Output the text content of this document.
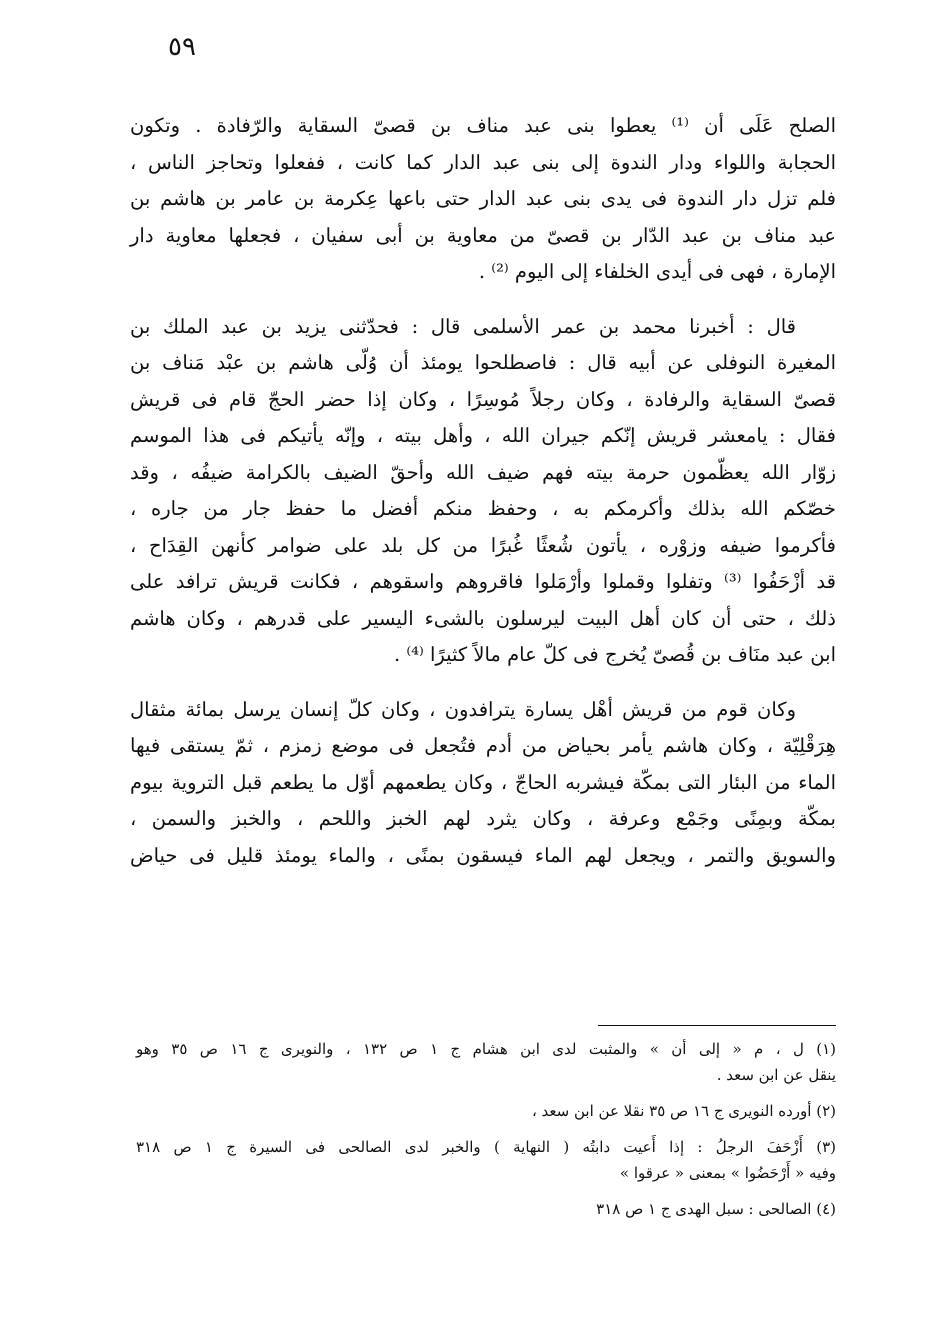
٥٩
الصلح عَلَى أن ⁽¹⁾ يعطوا بنى عبد مناف بن قصىّ السقاية والرّفادة . وتكون
الحجابة واللواء ودار الندوة إلى بنى عبد الدار كما كانت ، ففعلوا وتحاجز الناس ،
فلم تزل دار الندوة فى يدى بنى عبد الدار حتى باعها عِكرمة بن عامر بن هاشم بن
عبد مناف بن عبد الدّار بن قصىّ من معاوية بن أبى سفيان ، فجعلها معاوية دار
الإمارة ، فهى فى أيدى الخلفاء إلى اليوم ⁽²⁾ .
قال : أخبرنا محمد بن عمر الأسلمى قال : فحدّثنى يزيد بن عبد الملك بن
المغيرة النوفلى عن أبيه قال : فاصطلحوا يومئذ أن وُلّى هاشم بن عبْد مَناف بن
قصىّ السقاية والرفادة ، وكان رجلاً مُوسِرًا ، وكان إذا حضر الحجّ قام فى قريش
فقال : يامعشر قريش إنّكم جيران الله ، وأهل بيته ، وإنّه يأتيكم فى هذا الموسم
زوّار الله يعظّمون حرمة بيته فهم ضيف الله وأحقّ الضيف بالكرامة ضيفُه ، وقد
خصّكم الله بذلك وأكرمكم به ، وحفظ منكم أفضل ما حفظ جار من جاره ،
فأكرموا ضيفه وزوْره ، يأتون شُعثًا غُبرًا من كل بلد على ضوامر كأنهن القِدَاح ،
قد أزْحَفُوا ⁽³⁾ وتفلوا وقملوا وأرْمَلوا فاقروهم واسقوهم ، فكانت قريش ترافد على
ذلك ، حتى أن كان أهل البيت ليرسلون بالشىء اليسير على قدرهم ، وكان هاشم
ابن عبد منَاف بن قُصىّ يُخرج فى كلّ عام مالاً كثيرًا ⁽⁴⁾ .
وكان قوم من قريش أهْل يسارة يترافدون ، وكان كلّ إنسان يرسل بمائة مثقال
هِرَقْلِيّة ، وكان هاشم يأمر بحياض من أدم فتُجعل فى موضع زمزم ، ثمّ يستقى فيها
الماء من البئار التى بمكّة فيشربه الحاجّ ، وكان يطعمهم أوّل ما يطعم قبل التروية بيوم
بمكّة وبمِنًى وجَمْع وعرفة ، وكان يثرد لهم الخبز واللحم ، والخبز والسمن ،
والسويق والتمر ، ويجعل لهم الماء فيسقون بمنًى ، والماء يومئذ قليل فى حياض
(١) ل ، م « إلى أن » والمثبت لدى ابن هشام ج ١ ص ١٣٢ ، والنويرى ج ١٦ ص ٣٥ وهو
ينقل عن ابن سعد .
(٢) أورده النويرى ج ١٦ ص ٣٥ نقلا عن ابن سعد ،
(٣) أَزْحَفَ الرجلُ : إذا أَعيت دابتُه ( النهاية ) والخبر لدى الصالحى فى السيرة ج ١ ص ٣١٨
وفيه « أَرْحَضُوا » بمعنى « عرقوا »
(٤) الصالحى : سبل الهدى ج ١ ص ٣١٨
